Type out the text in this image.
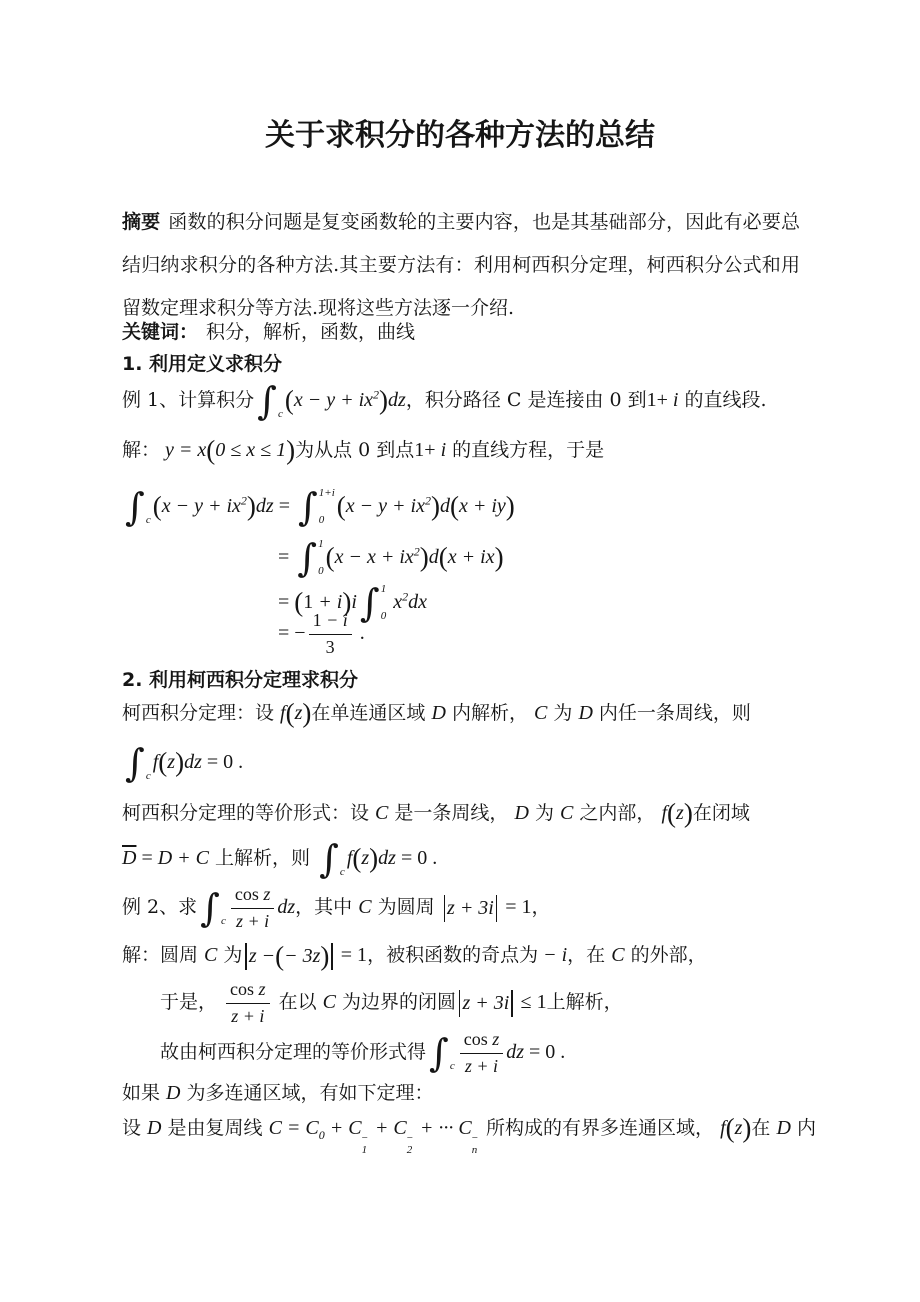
关于求积分的各种方法的总结
摘要 函数的积分问题是复变函数轮的主要内容，也是其基础部分，因此有必要总结归纳求积分的各种方法.其主要方法有：利用柯西积分定理，柯西积分公式和用留数定理求积分等方法.现将这些方法逐一介绍.
关键词： 积分，解析，函数，曲线
1. 利用定义求积分
例 1、计算积分 ∫
c $(x - y + ix^2)dz$，积分路径 C 是连接由 0 到1+ i 的直线段.
解： y = x(0 ≤ x ≤ 1)为从点 0 到点1+ i 的直线方程，于是
∫
c $(x - y + ix^2)dz$ = ∫ 1+i
0 $(x - y + ix^2)d(x + iy)$
= ∫ 1
0 $(x - x + ix^2)d(x + ix)$
= (1 + i)i ∫ 1
0
$x^2dx$
= − $\frac{1 - i}{3}$ .
2. 利用柯西积分定理求积分
柯西积分定理：设 f(z)在单连通区域 D 内解析， C 为 D 内任一条周线，则
∫
c
f(z)dz = 0 .
柯西积分定理的等价形式：设 C 是一条周线， D 为 C 之内部， f(z)在闭域
$\overline{D} = D + C$ 上解析，则 ∫
c
f(z)dz = 0 .
例 2、求 ∫
c $\frac{\text{cos z}}{z + i}$ dz，其中 C 为圆周 z + 3i = 1，
解：圆周 C 为 z − ( − 3z ) = 1，被积函数的奇点为 − i，在 C 的外部，
于是， $\frac{\text{cos z}}{z + i}$ 在以 C 为边界的闭圆 z + 3i ≤ 1上解析，
故由柯西积分定理的等价形式得 ∫
c $\frac{\text{cos z}}{z + i}$ dz = 0 .
如果 D 为多连通区域，有如下定理：
设 D 是由复周线 $C = C_0 + C$ −
1
+ C −
2
+ ··· C −
n
所构成的有界多连通区域， f(z)在 D 内
